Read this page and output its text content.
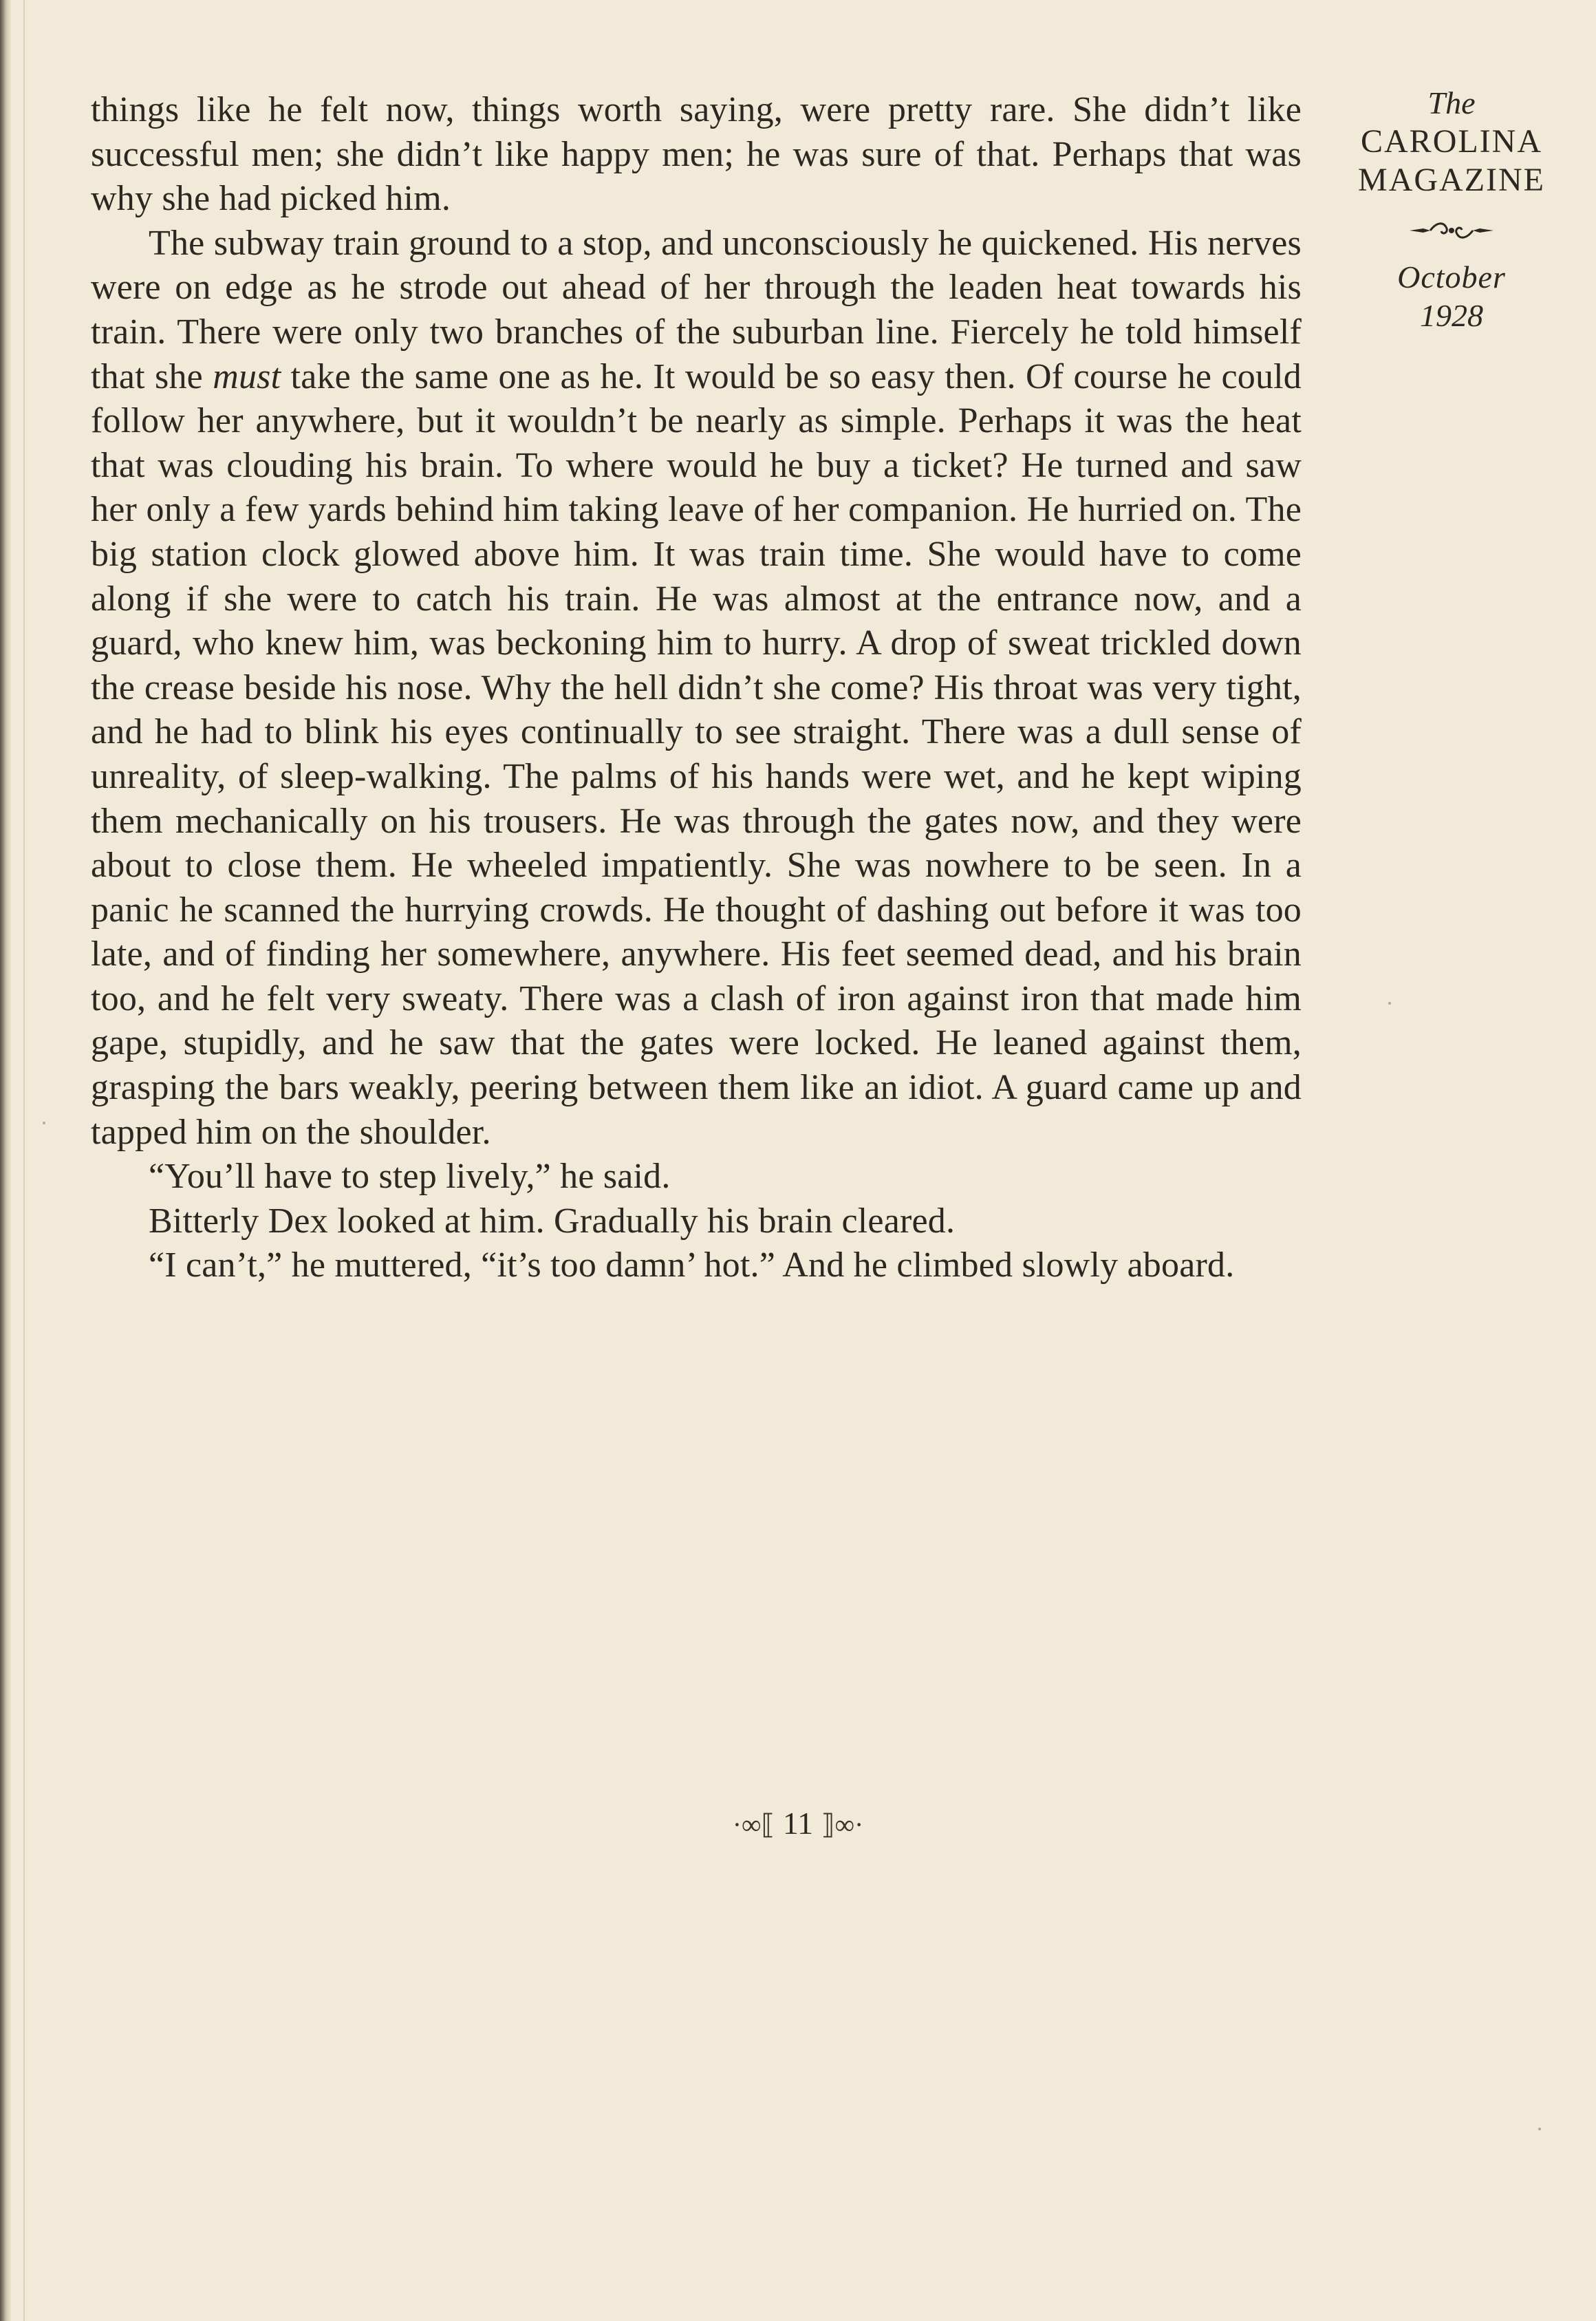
things like he felt now, things worth saying, were pretty rare. She didn’t like successful men; she didn’t like happy men; he was sure of that. Perhaps that was why she had picked him.

The subway train ground to a stop, and unconsciously he quickened. His nerves were on edge as he strode out ahead of her through the leaden heat towards his train. There were only two branches of the suburban line. Fiercely he told himself that she must take the same one as he. It would be so easy then. Of course he could follow her anywhere, but it wouldn’t be nearly as simple. Perhaps it was the heat that was clouding his brain. To where would he buy a ticket? He turned and saw her only a few yards behind him taking leave of her companion. He hurried on. The big station clock glowed above him. It was train time. She would have to come along if she were to catch his train. He was almost at the entrance now, and a guard, who knew him, was beckoning him to hurry. A drop of sweat trickled down the crease beside his nose. Why the hell didn’t she come? His throat was very tight, and he had to blink his eyes continually to see straight. There was a dull sense of unreality, of sleep-walking. The palms of his hands were wet, and he kept wiping them mechanically on his trousers. He was through the gates now, and they were about to close them. He wheeled impatiently. She was nowhere to be seen. In a panic he scanned the hurrying crowds. He thought of dashing out before it was too late, and of finding her somewhere, anywhere. His feet seemed dead, and his brain too, and he felt very sweaty. There was a clash of iron against iron that made him gape, stupidly, and he saw that the gates were locked. He leaned against them, grasping the bars weakly, peering between them like an idiot. A guard came up and tapped him on the shoulder.

“You’ll have to step lively,” he said.

Bitterly Dex looked at him. Gradually his brain cleared.

“I can’t,” he muttered, “it’s too damn’ hot.” And he climbed slowly aboard.

The
CAROLINA
MAGAZINE
October
1928
·∞⟦ 11 ⟧∞·
